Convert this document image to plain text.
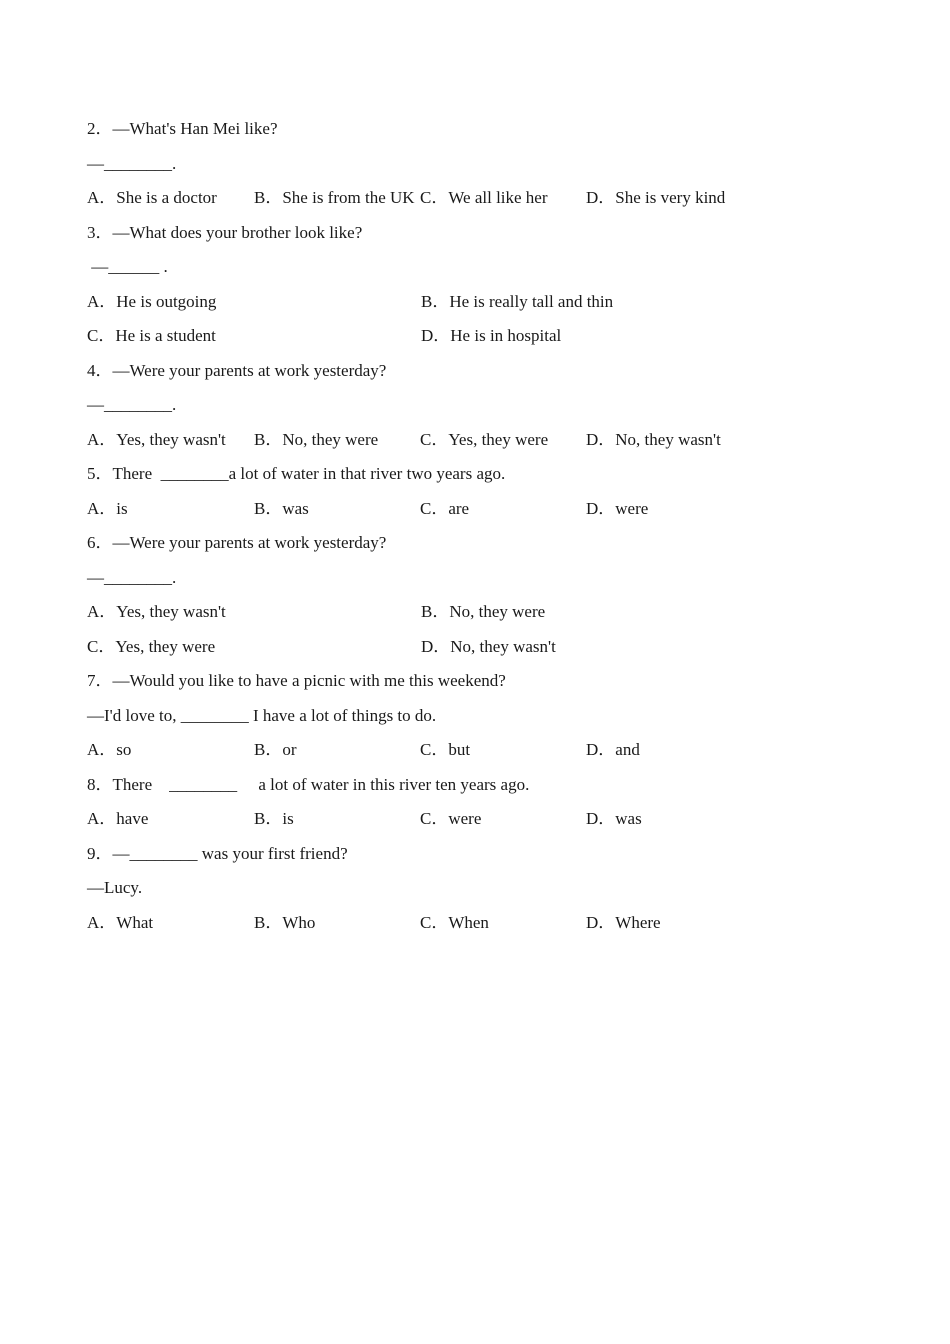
2．—What's Han Mei like?
—________.
A．She is a doctor	B．She is from the UK C．We all like her	D．She is very kind
3．—What does your brother look like?
—______ .
A．He is outgoing	B．He is really tall and thin
C．He is a student	D．He is in hospital
4．—Were your parents at work yesterday?
—________.
A．Yes, they wasn't	B．No, they were	C．Yes, they were	D．No, they wasn't
5．There  ________a lot of water in that river two years ago.
A．is	B．was	C．are	D．were
6．—Were your parents at work yesterday?
—________.
A．Yes, they wasn't	B．No, they were
C．Yes, they were	D．No, they wasn't
7．—Would you like to have a picnic with me this weekend?
—I'd love to, ________ I have a lot of things to do.
A．so	B．or	C．but	D．and
8．There    ________     a lot of water in this river ten years ago.
A．have	B．is	C．were	D．was
9．—________ was your first friend?
—Lucy.
A．What	B．Who	C．When	D．Where
